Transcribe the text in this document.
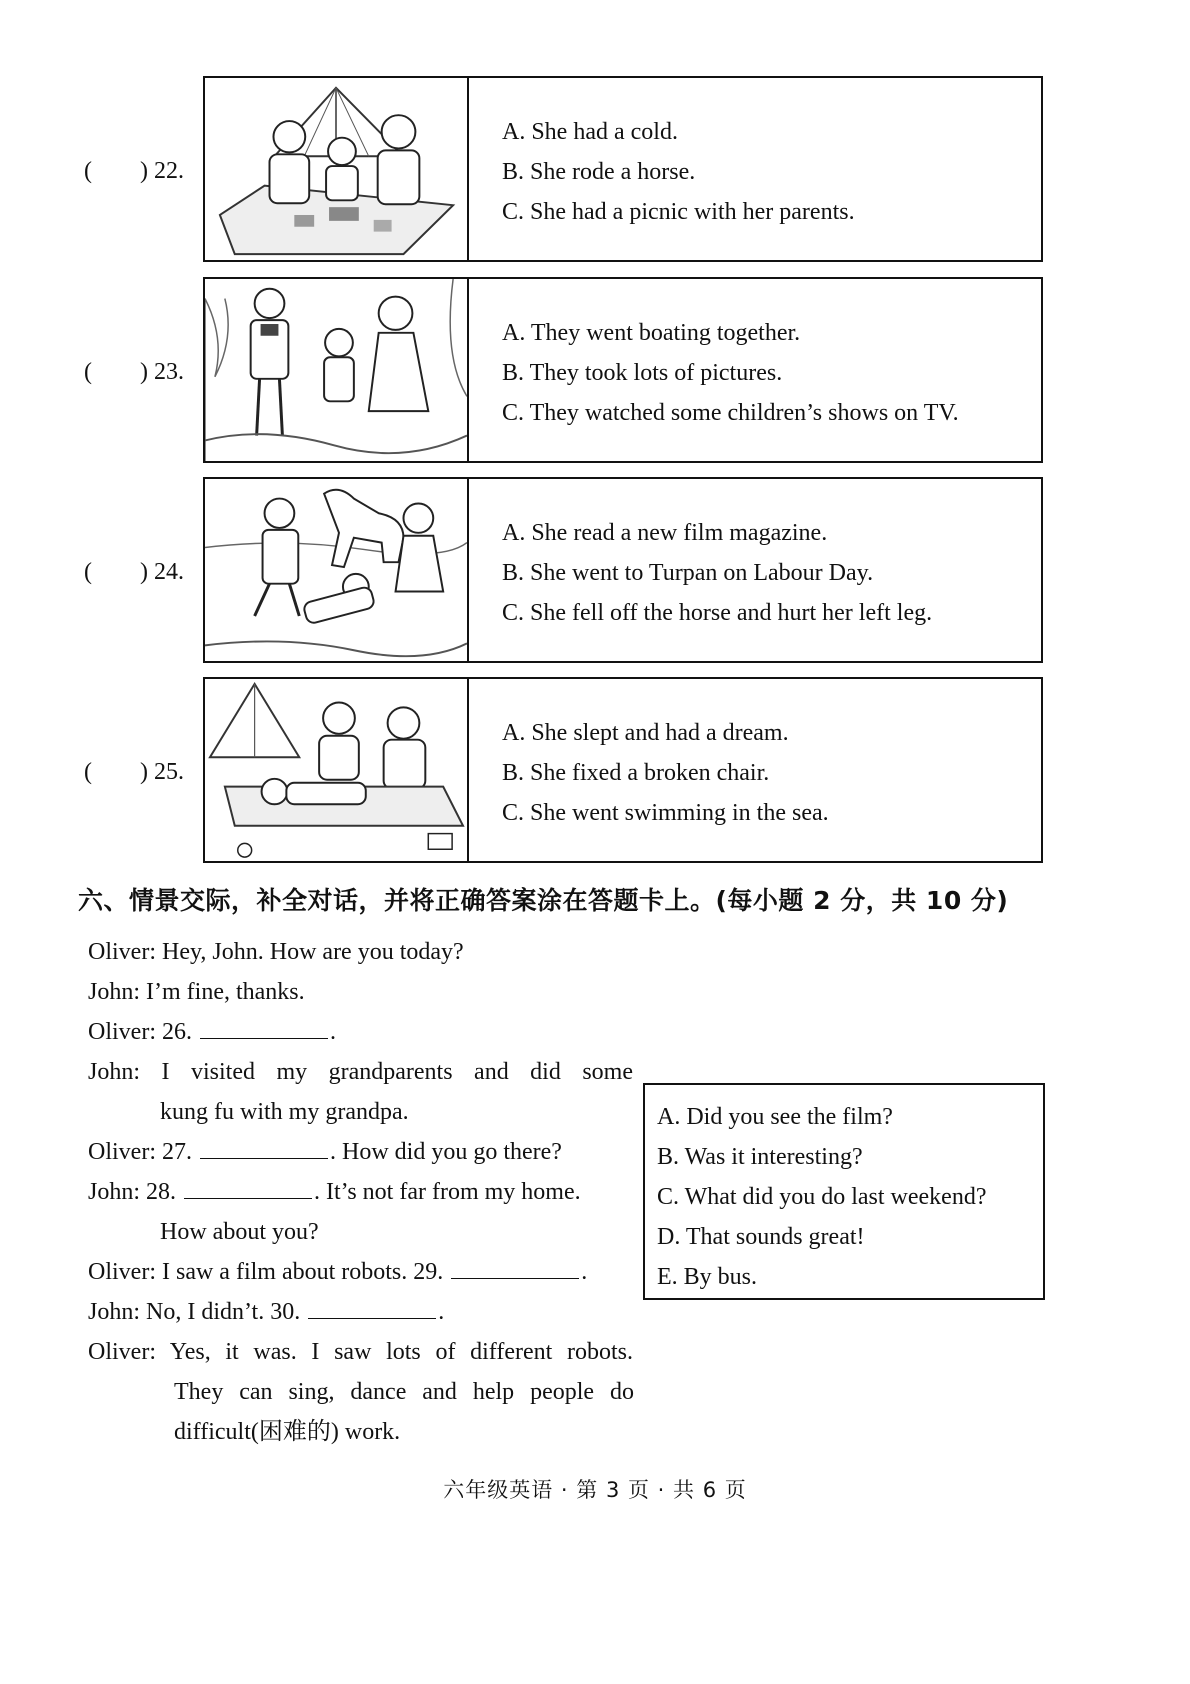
(        ) 22.
A. She had a cold.
B. She rode a horse.
C. She had a picnic with her parents.
(        ) 23.
A. They went boating together.
B. They took lots of pictures.
C. They watched some children’s shows on TV.
(        ) 24.
A. She read a new film magazine.
B. She went to Turpan on Labour Day.
C. She fell off the horse and hurt her left leg.
(        ) 25.
A. She slept and had a dream.
B. She fixed a broken chair.
C. She went swimming in the sea.
六、情景交际，补全对话，并将正确答案涂在答题卡上。(每小题 2 分，共 10 分)
Oliver: Hey, John. How are you today?
John: I’m fine, thanks.
Oliver: 26.	.
John: I visited my grandparents and did some
kung fu with my grandpa.
Oliver: 27.	. How did you go there?
John: 28.	. It’s not far from my home.
How about you?
Oliver: I saw a film about robots. 29.	.
John: No, I didn’t. 30.	.
Oliver: Yes, it was. I saw lots of different robots.
They can sing, dance and help people do
difficult(困难的) work.
A. Did you see the film?
B. Was it interesting?
C. What did you do last weekend?
D. That sounds great!
E. By bus.
六年级英语 · 第 3 页 · 共 6 页
